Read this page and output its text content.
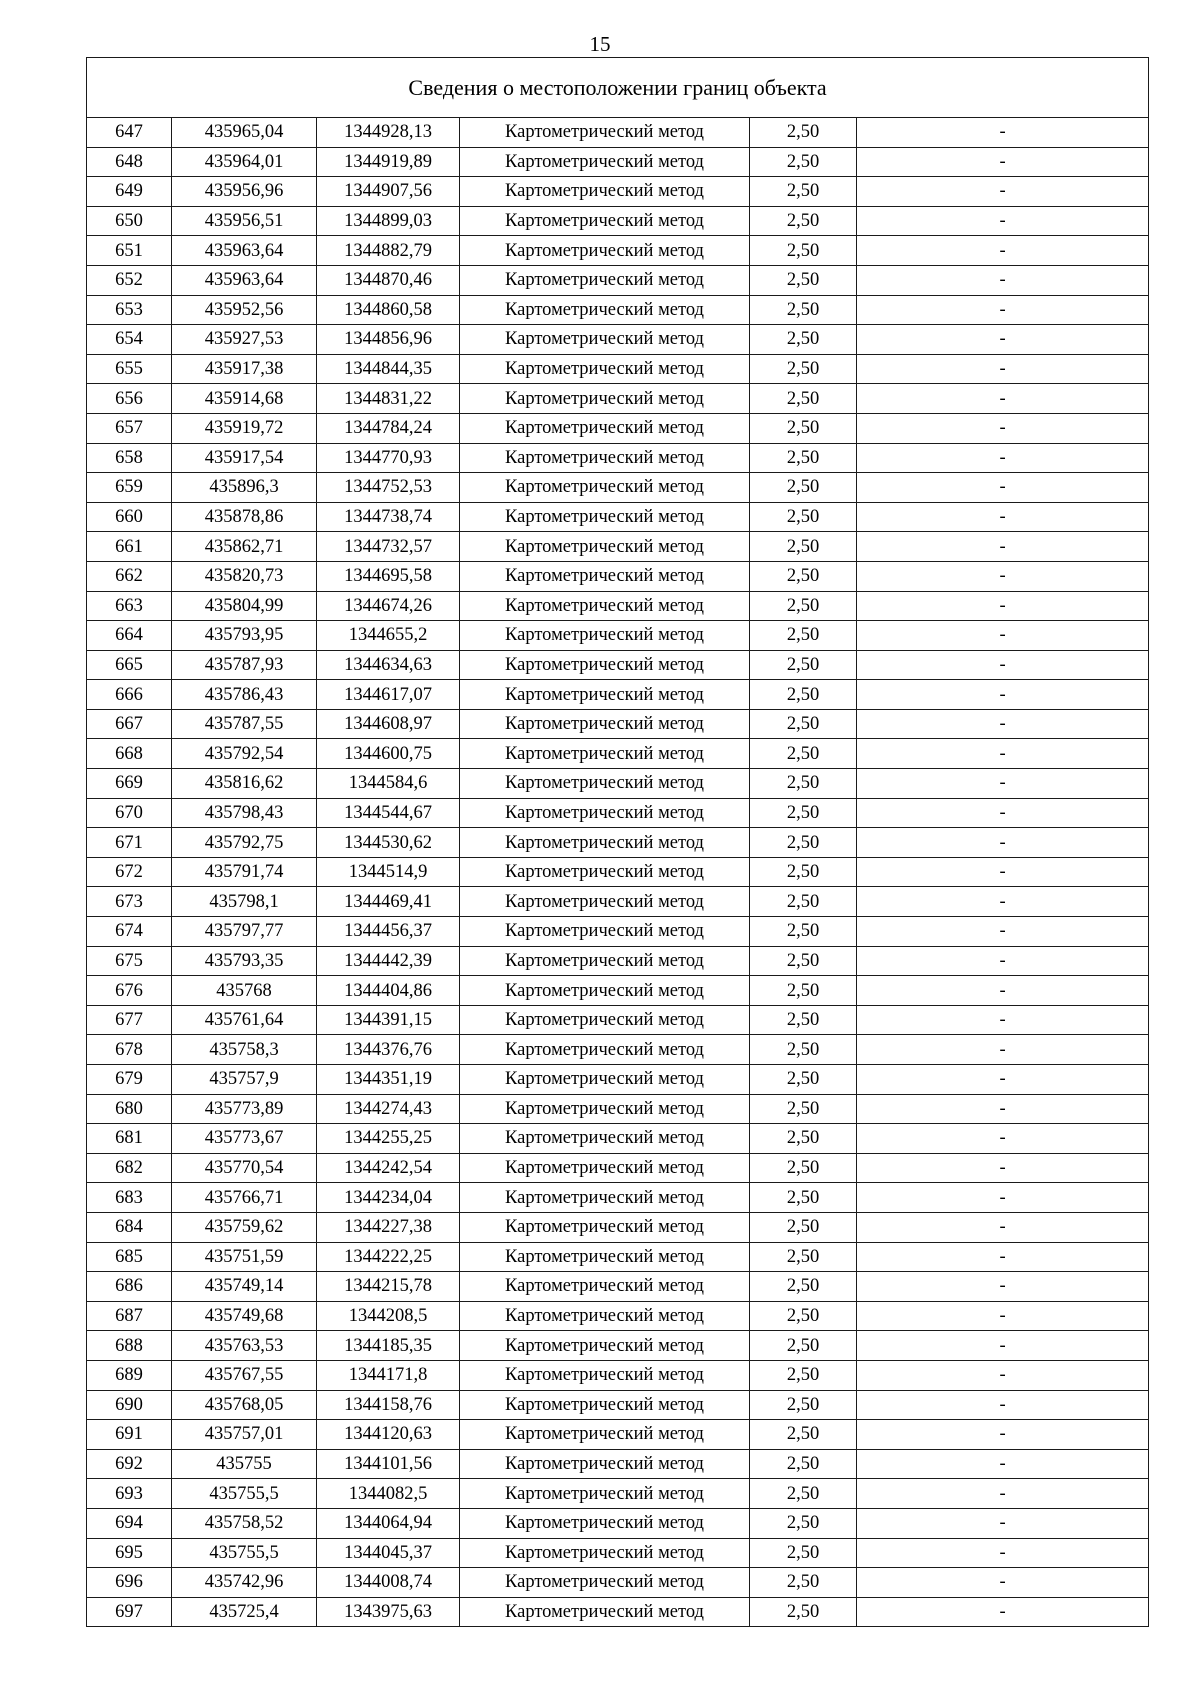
15
Сведения о местоположении границ объекта					
647	435965,04	1344928,13	Картометрический метод	2,50	-
648	435964,01	1344919,89	Картометрический метод	2,50	-
649	435956,96	1344907,56	Картометрический метод	2,50	-
650	435956,51	1344899,03	Картометрический метод	2,50	-
651	435963,64	1344882,79	Картометрический метод	2,50	-
652	435963,64	1344870,46	Картометрический метод	2,50	-
653	435952,56	1344860,58	Картометрический метод	2,50	-
654	435927,53	1344856,96	Картометрический метод	2,50	-
655	435917,38	1344844,35	Картометрический метод	2,50	-
656	435914,68	1344831,22	Картометрический метод	2,50	-
657	435919,72	1344784,24	Картометрический метод	2,50	-
658	435917,54	1344770,93	Картометрический метод	2,50	-
659	435896,3	1344752,53	Картометрический метод	2,50	-
660	435878,86	1344738,74	Картометрический метод	2,50	-
661	435862,71	1344732,57	Картометрический метод	2,50	-
662	435820,73	1344695,58	Картометрический метод	2,50	-
663	435804,99	1344674,26	Картометрический метод	2,50	-
664	435793,95	1344655,2	Картометрический метод	2,50	-
665	435787,93	1344634,63	Картометрический метод	2,50	-
666	435786,43	1344617,07	Картометрический метод	2,50	-
667	435787,55	1344608,97	Картометрический метод	2,50	-
668	435792,54	1344600,75	Картометрический метод	2,50	-
669	435816,62	1344584,6	Картометрический метод	2,50	-
670	435798,43	1344544,67	Картометрический метод	2,50	-
671	435792,75	1344530,62	Картометрический метод	2,50	-
672	435791,74	1344514,9	Картометрический метод	2,50	-
673	435798,1	1344469,41	Картометрический метод	2,50	-
674	435797,77	1344456,37	Картометрический метод	2,50	-
675	435793,35	1344442,39	Картометрический метод	2,50	-
676	435768	1344404,86	Картометрический метод	2,50	-
677	435761,64	1344391,15	Картометрический метод	2,50	-
678	435758,3	1344376,76	Картометрический метод	2,50	-
679	435757,9	1344351,19	Картометрический метод	2,50	-
680	435773,89	1344274,43	Картометрический метод	2,50	-
681	435773,67	1344255,25	Картометрический метод	2,50	-
682	435770,54	1344242,54	Картометрический метод	2,50	-
683	435766,71	1344234,04	Картометрический метод	2,50	-
684	435759,62	1344227,38	Картометрический метод	2,50	-
685	435751,59	1344222,25	Картометрический метод	2,50	-
686	435749,14	1344215,78	Картометрический метод	2,50	-
687	435749,68	1344208,5	Картометрический метод	2,50	-
688	435763,53	1344185,35	Картометрический метод	2,50	-
689	435767,55	1344171,8	Картометрический метод	2,50	-
690	435768,05	1344158,76	Картометрический метод	2,50	-
691	435757,01	1344120,63	Картометрический метод	2,50	-
692	435755	1344101,56	Картометрический метод	2,50	-
693	435755,5	1344082,5	Картометрический метод	2,50	-
694	435758,52	1344064,94	Картометрический метод	2,50	-
695	435755,5	1344045,37	Картометрический метод	2,50	-
696	435742,96	1344008,74	Картометрический метод	2,50	-
697	435725,4	1343975,63	Картометрический метод	2,50	-
